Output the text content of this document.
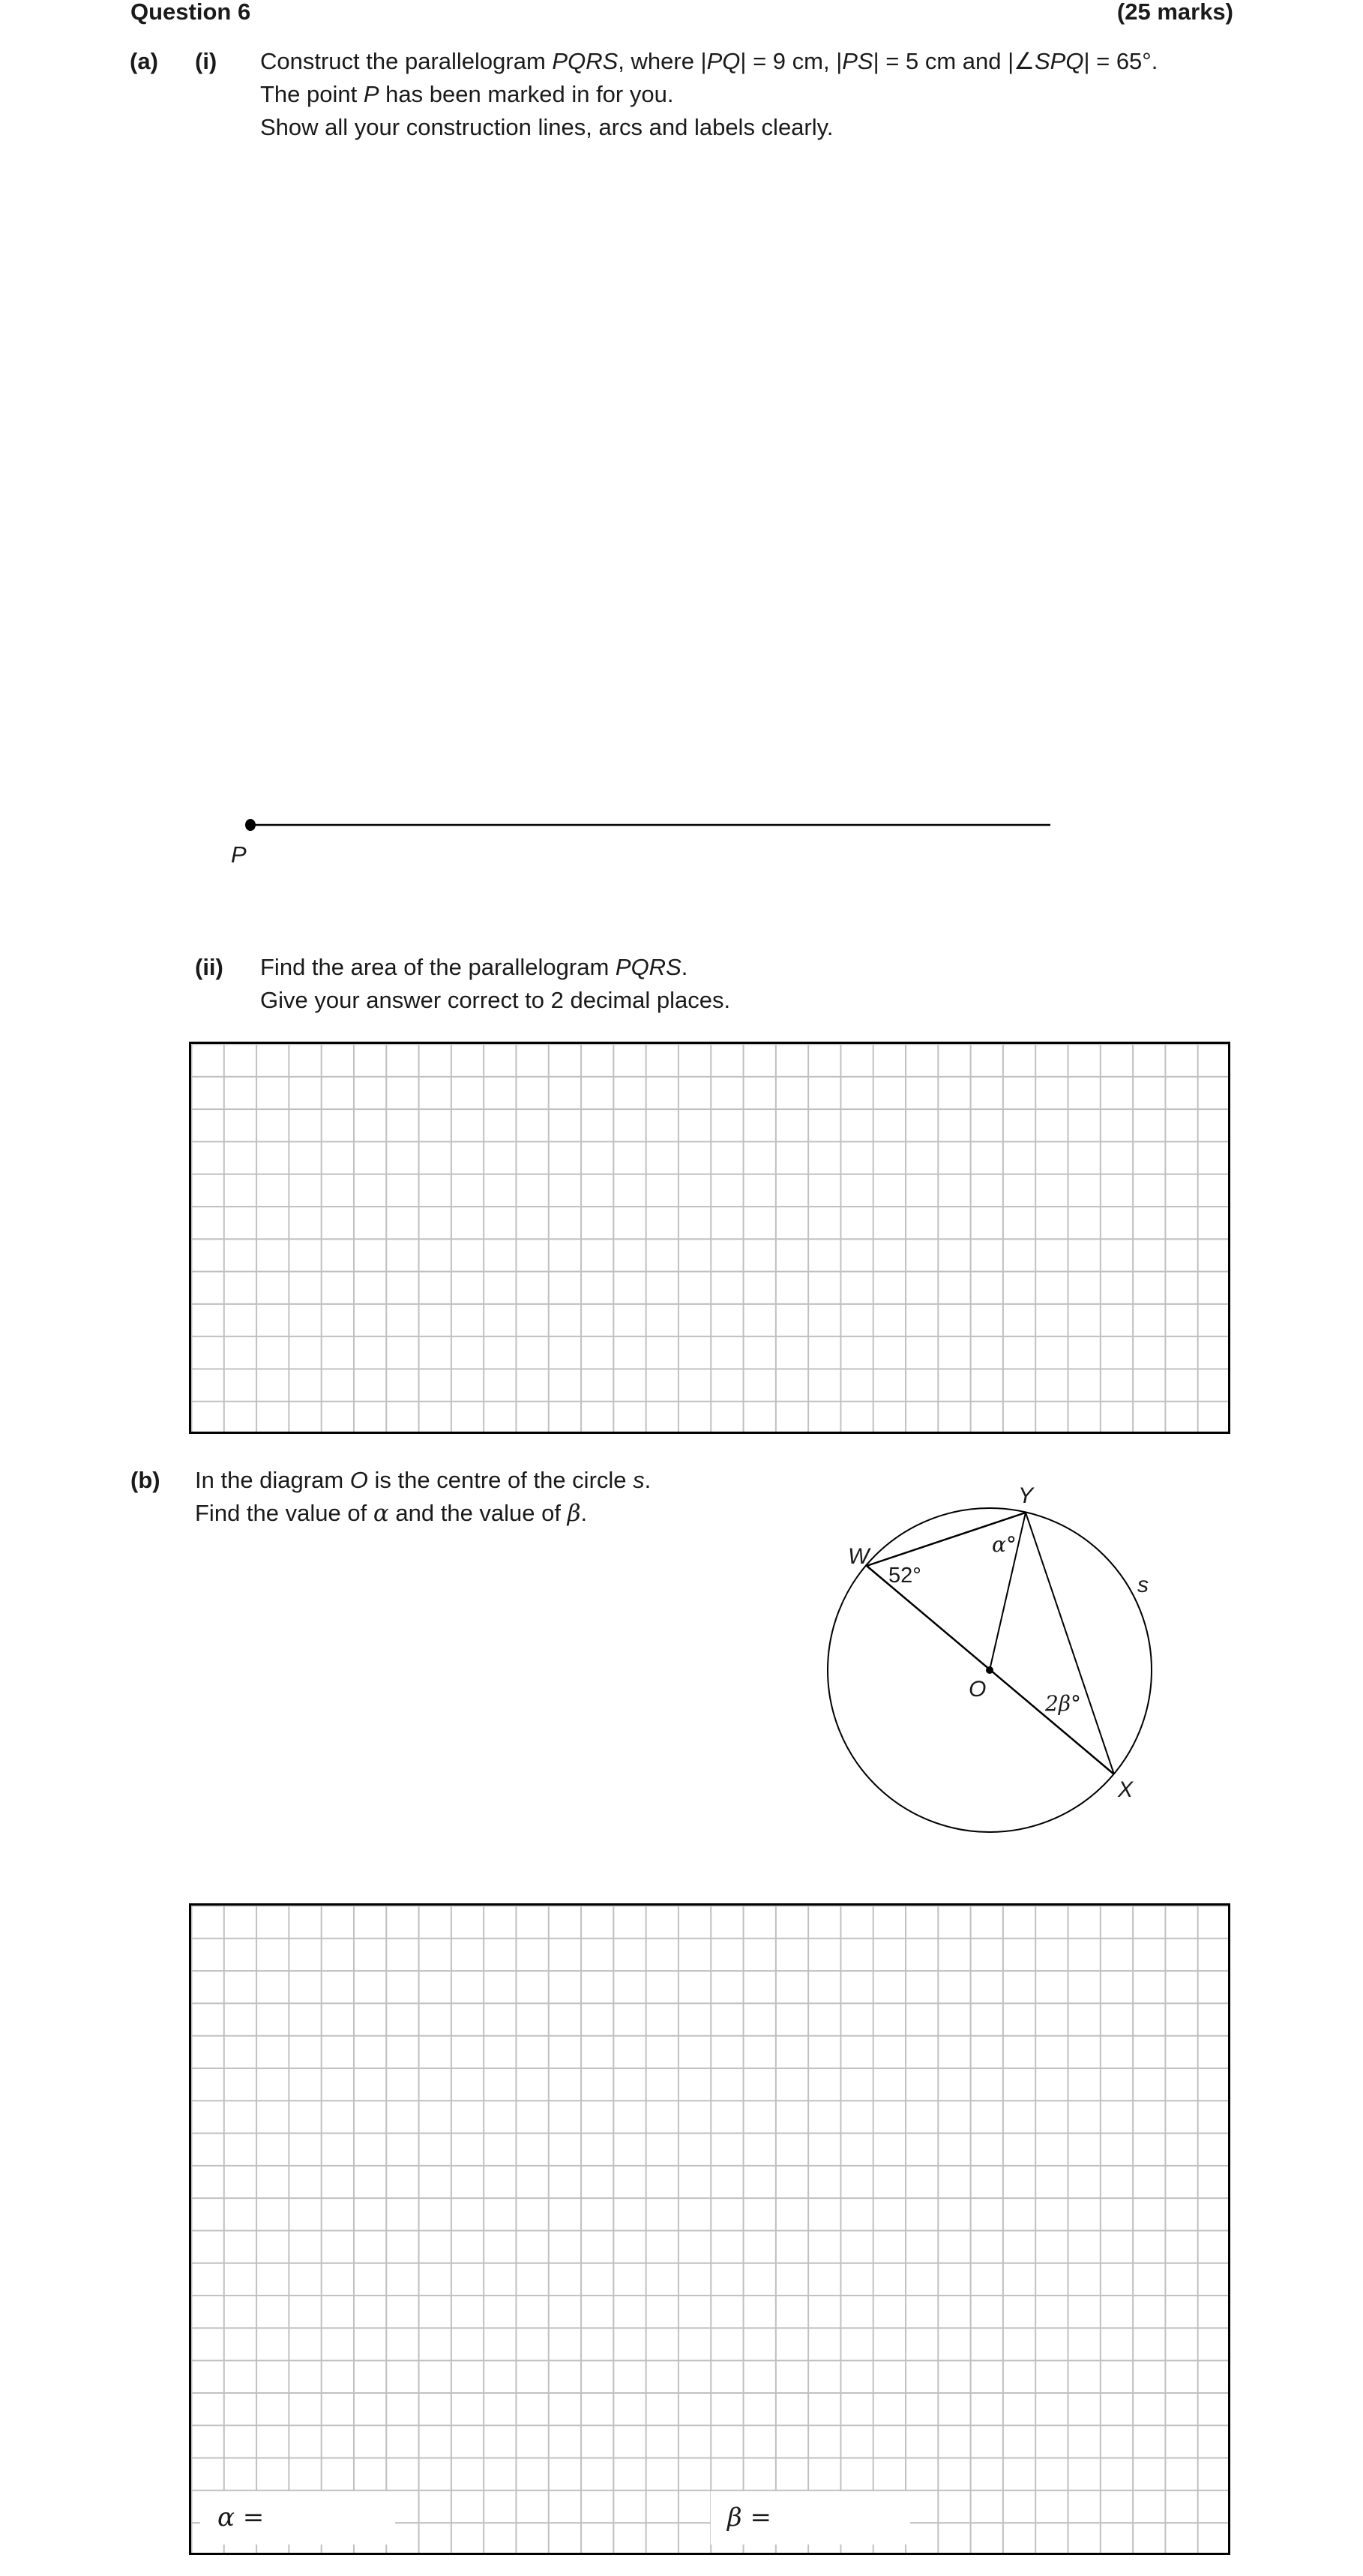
Question 6	(25 marks)
(a) (i) Construct the parallelogram PQRS, where |PQ| = 9 cm, |PS| = 5 cm and |∠SPQ| = 65°.
The point P has been marked in for you.
Show all your construction lines, arcs and labels clearly.
P
(ii) Find the area of the parallelogram PQRS.
Give your answer correct to 2 decimal places.
(b) In the diagram O is the centre of the circle s.
Find the value of α and the value of β.
Y
W
s
O
X
52°
α°
2β°
α =	β =
